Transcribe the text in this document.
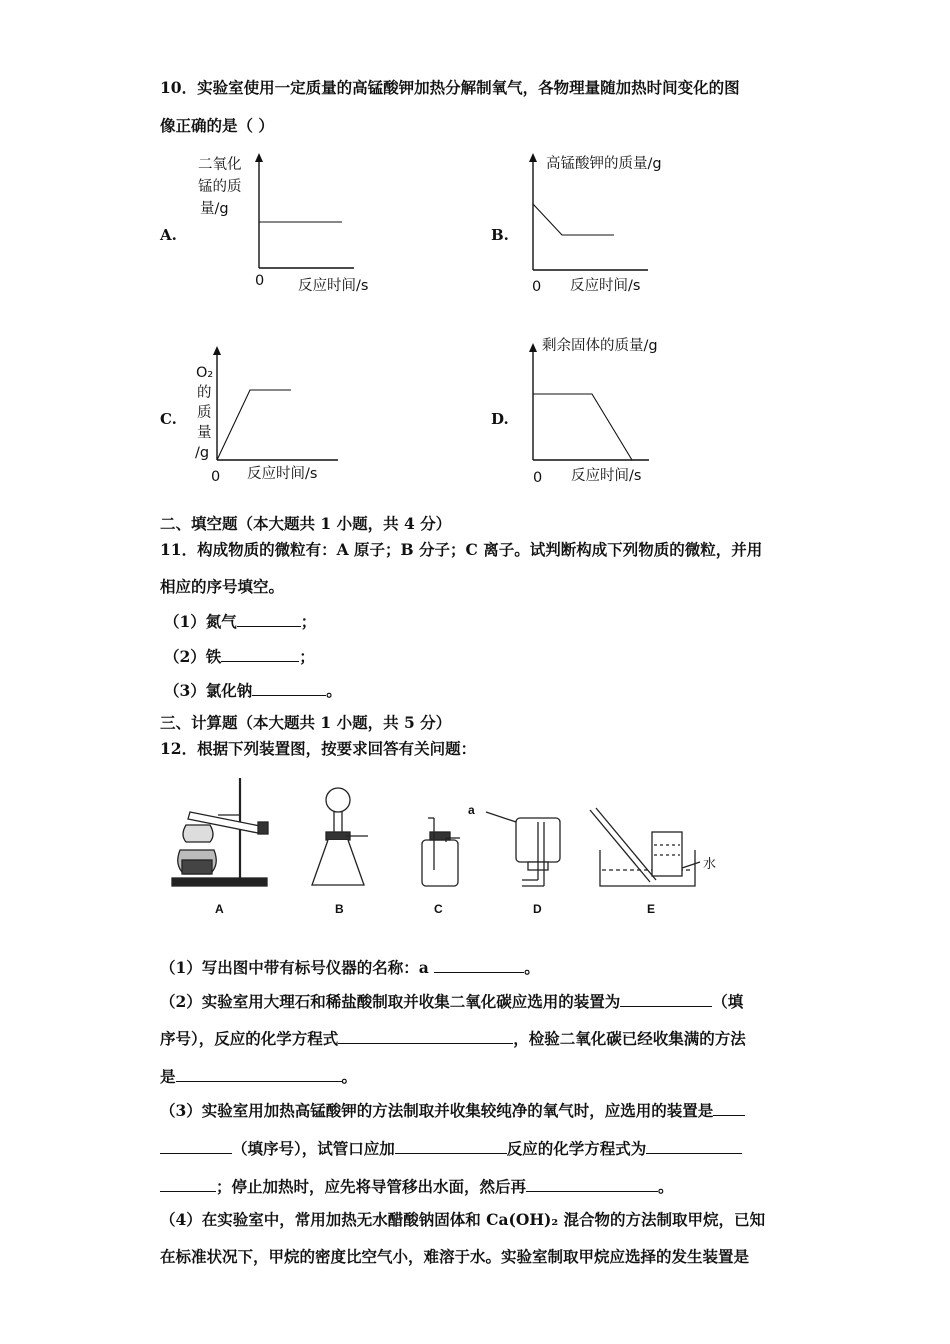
10．实验室使用一定质量的高锰酸钾加热分解制氧气，各物理量随加热时间变化的图
像正确的是（ ）
A.
二氧化
锰的质
量/g
0 反应时间/s
B.
高锰酸钾的质量/g
0 反应时间/s
C.
O₂
的
质
量
/g
0 反应时间/s
D.
剩余固体的质量/g
0 反应时间/s
二、填空题（本大题共 1 小题，共 4 分）
11．构成物质的微粒有：A 原子；B 分子；C 离子。试判断构成下列物质的微粒，并用
相应的序号填空。
（1）氮气	；
（2）铁	；
（3）氯化钠	。
三、计算题（本大题共 1 小题，共 5 分）
12．根据下列装置图，按要求回答有关问题：
a
水
A	B	C	D	E
（1）写出图中带有标号仪器的名称：a	。
（2）实验室用大理石和稀盐酸制取并收集二氧化碳应选用的装置为	（填
序号），反应的化学方程式	，检验二氧化碳已经收集满的方法
是	。
（3）实验室用加热高锰酸钾的方法制取并收集较纯净的氧气时，应选用的装置是
（填序号），试管口应加	反应的化学方程式为
；停止加热时，应先将导管移出水面，然后再	。
（4）在实验室中，常用加热无水醋酸钠固体和 Ca(OH)₂ 混合物的方法制取甲烷，已知
在标准状况下，甲烷的密度比空气小，难溶于水。实验室制取甲烷应选择的发生装置是
